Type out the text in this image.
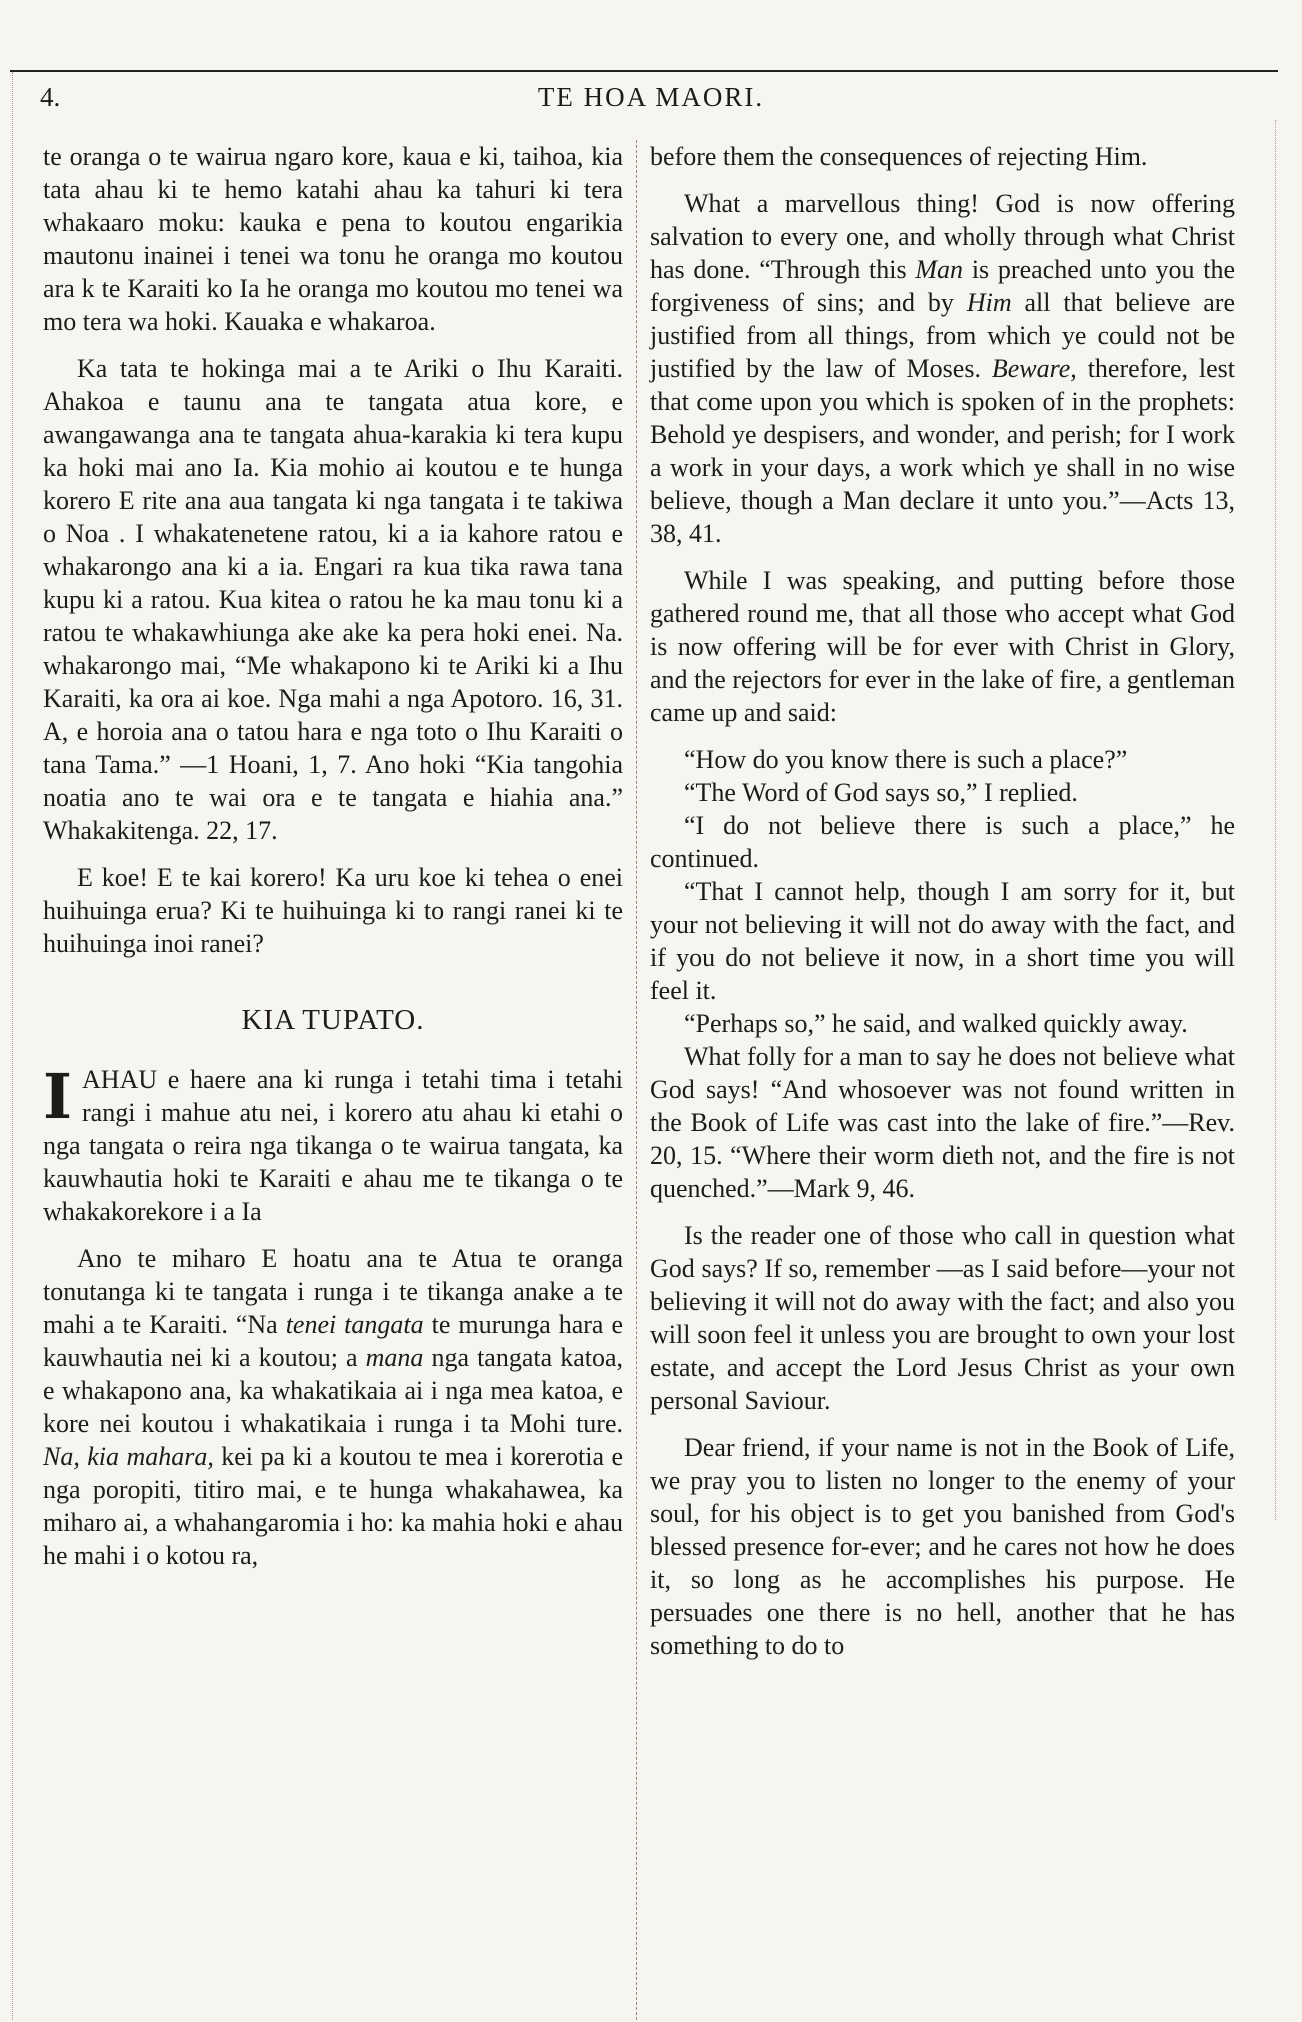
4.	TE HOA MAORI.

te oranga o te wairua ngaro kore, kaua e ki, taihoa, kia tata ahau ki te hemo katahi ahau ka tahuri ki tera whakaaro moku: kauka e pena to koutou engarikia mautonu inainei i tenei wa tonu he oranga mo koutou ara k te Karaiti ko Ia he oranga mo koutou mo tenei wa mo tera wa hoki. Kauaka e whakaroa.

Ka tata te hokinga mai a te Ariki o Ihu Karaiti. Ahakoa e taunu ana te tangata atua kore, e awangawanga ana te tangata ahua-karakia ki tera kupu ka hoki mai ano Ia. Kia mohio ai koutou e te hunga korero E rite ana aua tangata ki nga tangata i te takiwa o Noa . I whakatenetene ratou, ki a ia kahore ratou e whakarongo ana ki a ia. Engari ra kua tika rawa tana kupu ki a ratou. Kua kitea o ratou he ka mau tonu ki a ratou te whakawhiunga ake ake ka pera hoki enei. Na. whakarongo mai, “Me whakapono ki te Ariki ki a Ihu Karaiti, ka ora ai koe. Nga mahi a nga Apotoro. 16, 31. A, e horoia ana o tatou hara e nga toto o Ihu Karaiti o tana Tama.” —1 Hoani, 1, 7. Ano hoki “Kia tangohia noatia ano te wai ora e te tangata e hiahia ana.” Whakakitenga. 22, 17.

E koe! E te kai korero! Ka uru koe ki tehea o enei huihuinga erua? Ki te huihuinga ki to rangi ranei ki te huihuinga inoi ranei?

KIA TUPATO.

IAHAU e haere ana ki runga i tetahi tima i tetahi rangi i mahue atu nei, i korero atu ahau ki etahi o nga tangata o reira nga tikanga o te wairua tangata, ka kauwhautia hoki te Karaiti e ahau me te tikanga o te whakakorekore i a Ia

Ano te miharo E hoatu ana te Atua te oranga tonutanga ki te tangata i runga i te tikanga anake a te mahi a te Karaiti. “Na tenei tangata te murunga hara e kauwhautia nei ki a koutou; a mana nga tangata katoa, e whakapono ana, ka whakatikaia ai i nga mea katoa, e kore nei koutou i whakatikaia i runga i ta Mohi ture. Na, kia mahara, kei pa ki a koutou te mea i korerotia e nga poropiti, titiro mai, e te hunga whakahawea, ka miharo ai, a whahangaromia i ho: ka mahia hoki e ahau he mahi i o kotou ra,

before them the consequences of rejecting Him.

What a marvellous thing! God is now offering salvation to every one, and wholly through what Christ has done. “Through this Man is preached unto you the forgiveness of sins; and by Him all that believe are justified from all things, from which ye could not be justified by the law of Moses. Beware, therefore, lest that come upon you which is spoken of in the prophets: Behold ye despisers, and wonder, and perish; for I work a work in your days, a work which ye shall in no wise believe, though a Man declare it unto you.”—Acts 13, 38, 41.

While I was speaking, and putting before those gathered round me, that all those who accept what God is now offering will be for ever with Christ in Glory, and the rejectors for ever in the lake of fire, a gentleman came up and said:

“How do you know there is such a place?”

“The Word of God says so,” I replied.

“I do not believe there is such a place,” he continued.

“That I cannot help, though I am sorry for it, but your not believing it will not do away with the fact, and if you do not believe it now, in a short time you will feel it.

“Perhaps so,” he said, and walked quickly away.

What folly for a man to say he does not believe what God says! “And whosoever was not found written in the Book of Life was cast into the lake of fire.”—Rev. 20, 15. “Where their worm dieth not, and the fire is not quenched.”—Mark 9, 46.

Is the reader one of those who call in question what God says? If so, remember —as I said before—your not believing it will not do away with the fact; and also you will soon feel it unless you are brought to own your lost estate, and accept the Lord Jesus Christ as your own personal Saviour.

Dear friend, if your name is not in the Book of Life, we pray you to listen no longer to the enemy of your soul, for his object is to get you banished from God's blessed presence for-ever; and he cares not how he does it, so long as he accomplishes his purpose. He persuades one there is no hell, another that he has something to do to
